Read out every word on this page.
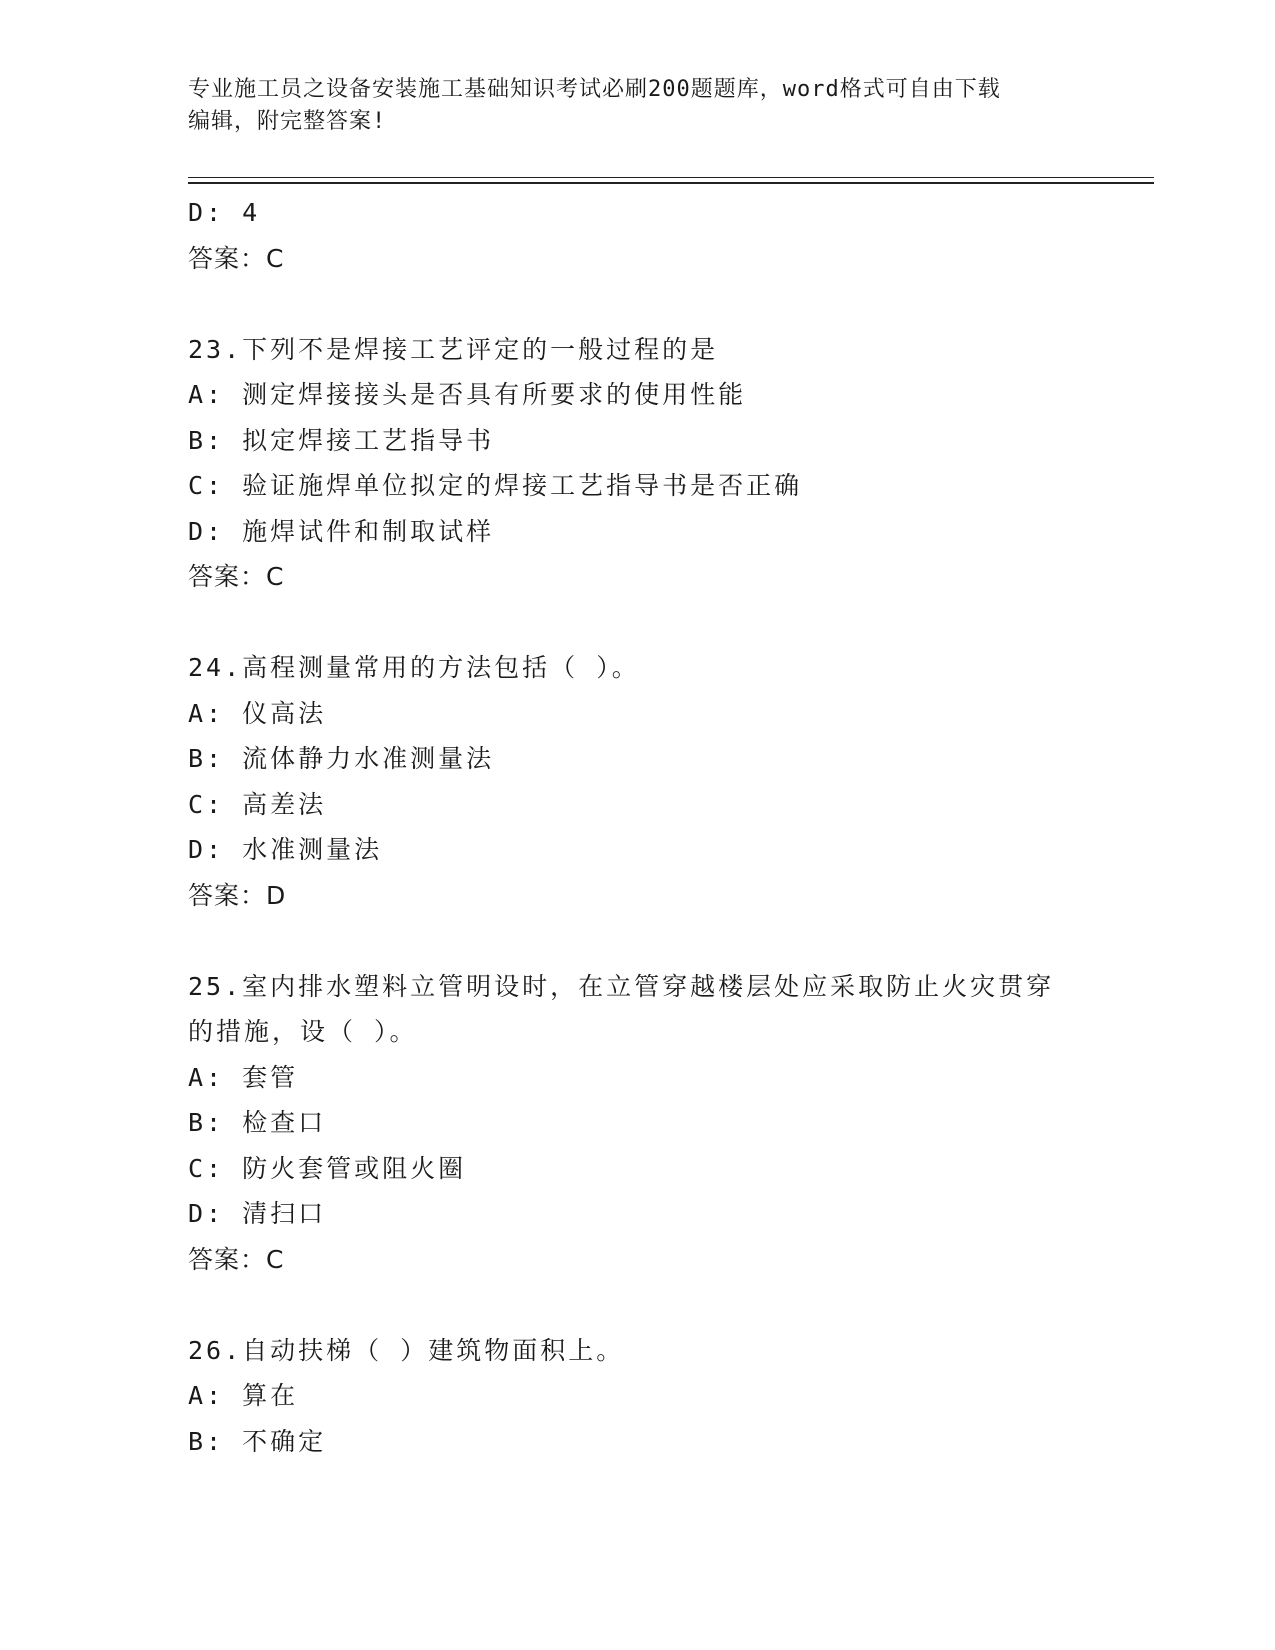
专业施工员之设备安装施工基础知识考试必刷200题题库，word格式可自由下载
编辑，附完整答案!
D: 4
答案：C
23.下列不是焊接工艺评定的一般过程的是
A: 测定焊接接头是否具有所要求的使用性能
B: 拟定焊接工艺指导书
C: 验证施焊单位拟定的焊接工艺指导书是否正确
D: 施焊试件和制取试样
答案：C
24.高程测量常用的方法包括（ ）。
A: 仪高法
B: 流体静力水准测量法
C: 高差法
D: 水准测量法
答案：D
25.室内排水塑料立管明设时，在立管穿越楼层处应采取防止火灾贯穿
的措施，设（ ）。
A: 套管
B: 检查口
C: 防火套管或阻火圈
D: 清扫口
答案：C
26.自动扶梯（ ）建筑物面积上。
A: 算在
B: 不确定
